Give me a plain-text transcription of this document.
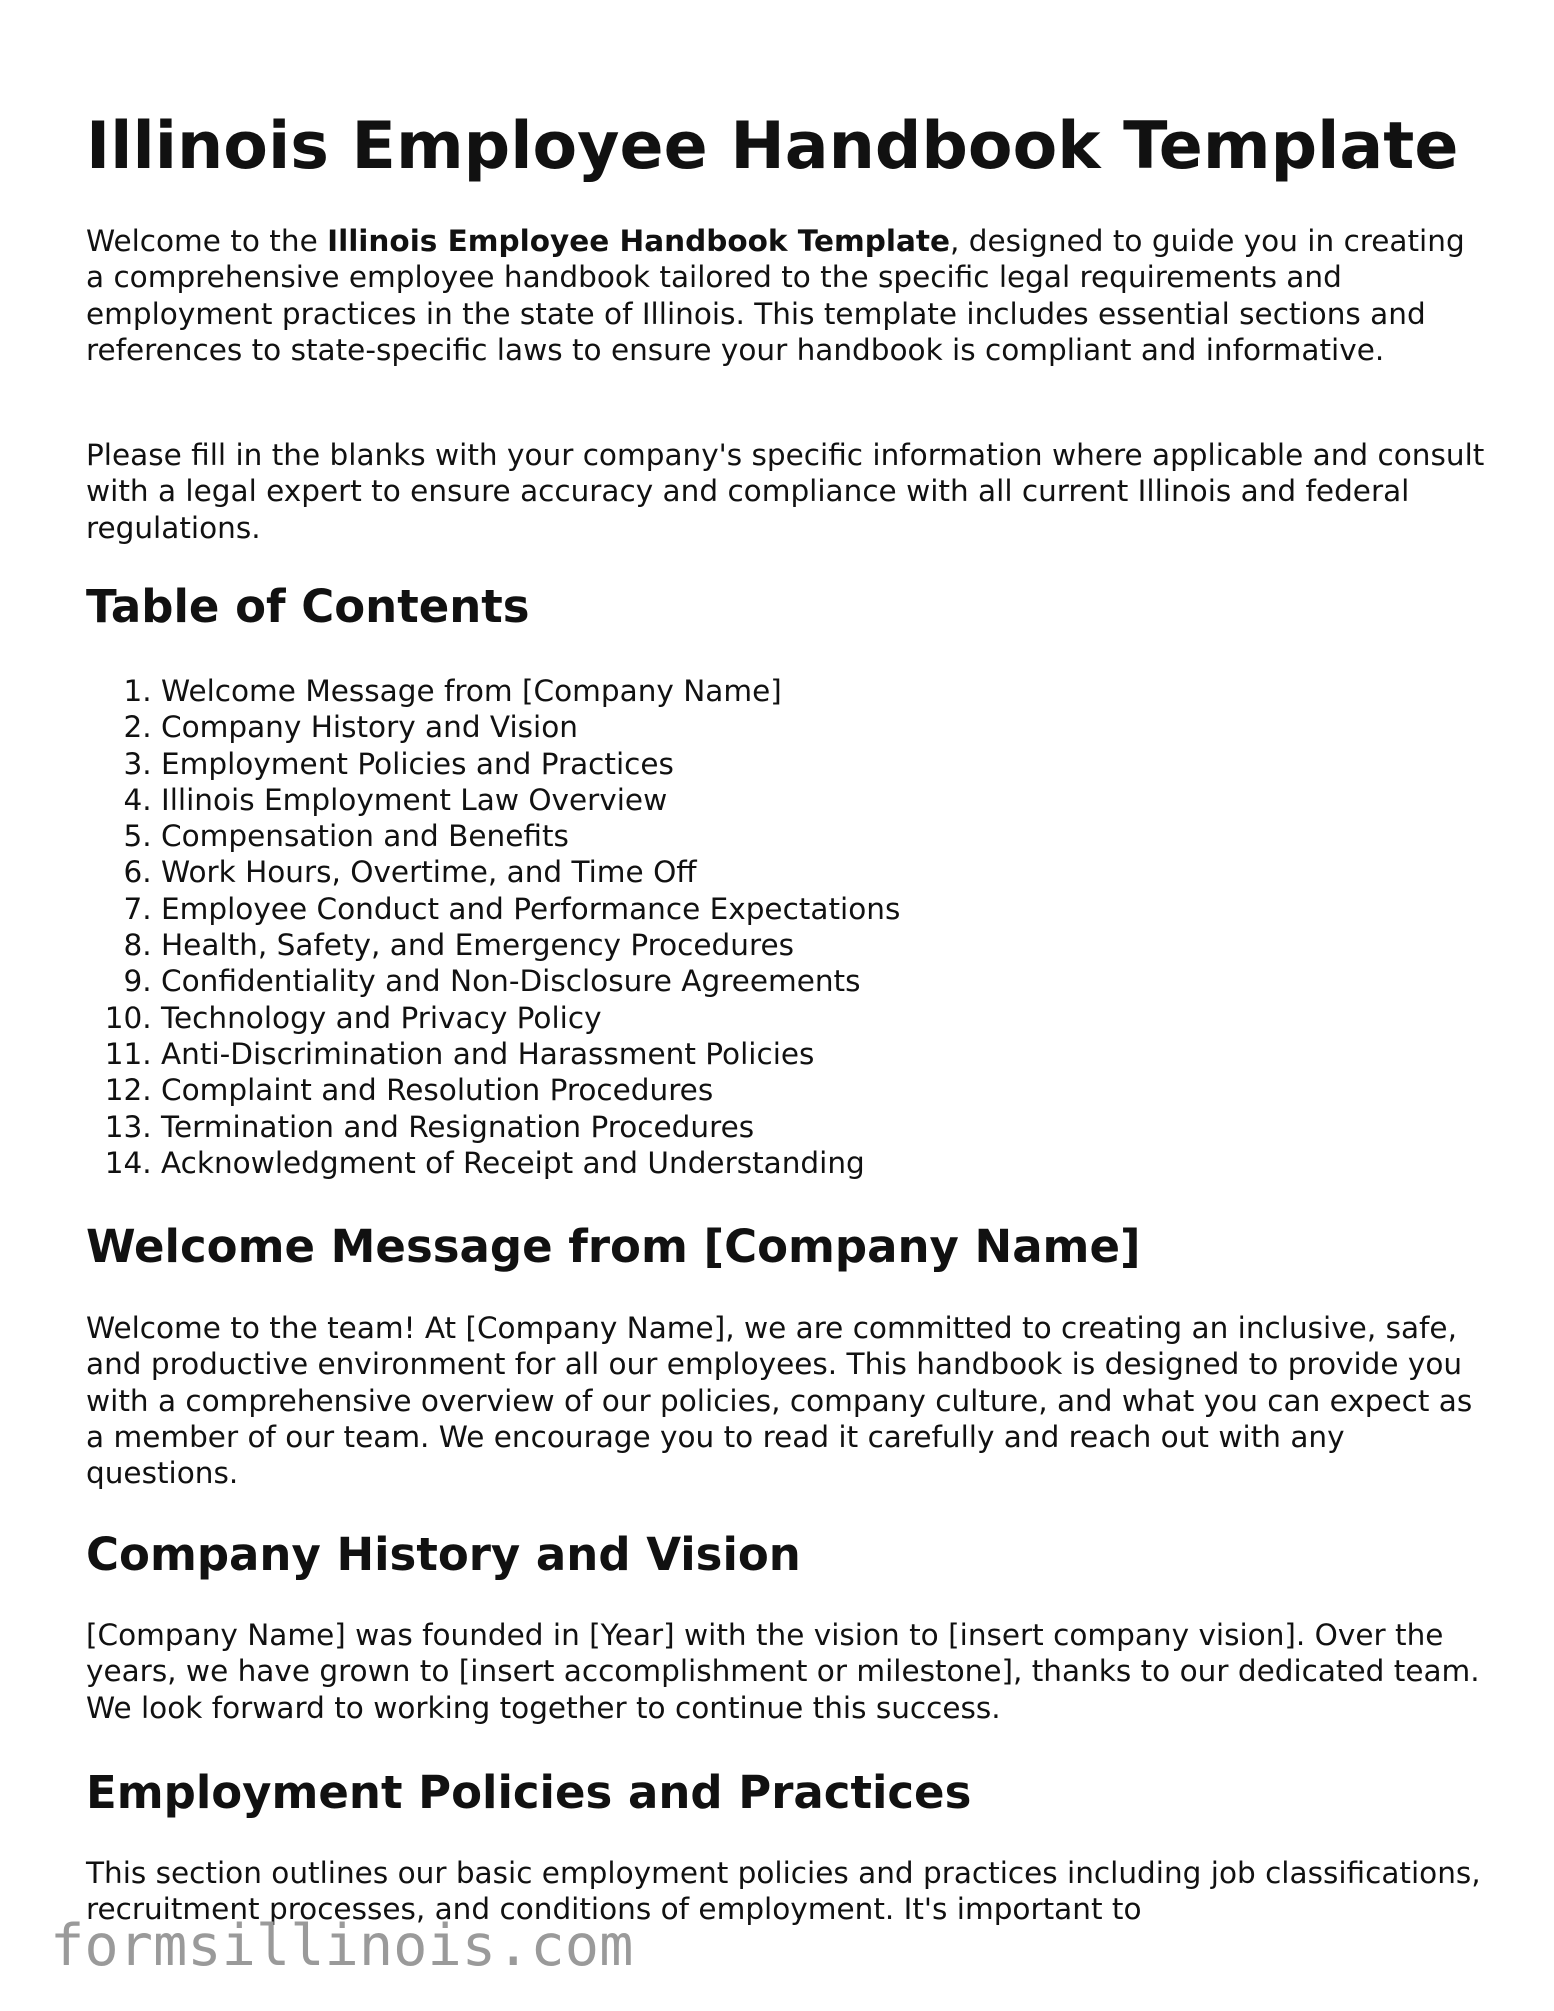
Illinois Employee Handbook Template

Welcome to the Illinois Employee Handbook Template, designed to guide you in creating a comprehensive employee handbook tailored to the specific legal requirements and employment practices in the state of Illinois. This template includes essential sections and references to state-specific laws to ensure your handbook is compliant and informative.

Please fill in the blanks with your company's specific information where applicable and consult with a legal expert to ensure accuracy and compliance with all current Illinois and federal regulations.

Table of Contents
1. Welcome Message from [Company Name]
2. Company History and Vision
3. Employment Policies and Practices
4. Illinois Employment Law Overview
5. Compensation and Benefits
6. Work Hours, Overtime, and Time Off
7. Employee Conduct and Performance Expectations
8. Health, Safety, and Emergency Procedures
9. Confidentiality and Non-Disclosure Agreements
10. Technology and Privacy Policy
11. Anti-Discrimination and Harassment Policies
12. Complaint and Resolution Procedures
13. Termination and Resignation Procedures
14. Acknowledgment of Receipt and Understanding
Welcome Message from [Company Name]

Welcome to the team! At [Company Name], we are committed to creating an inclusive, safe, and productive environment for all our employees. This handbook is designed to provide you with a comprehensive overview of our policies, company culture, and what you can expect as a member of our team. We encourage you to read it carefully and reach out with any questions.

Company History and Vision

[Company Name] was founded in [Year] with the vision to [insert company vision]. Over the years, we have grown to [insert accomplishment or milestone], thanks to our dedicated team. We look forward to working together to continue this success.

Employment Policies and Practices

This section outlines our basic employment policies and practices including job classifications, recruitment processes, and conditions of employment. It's important to

formsillinois.com
